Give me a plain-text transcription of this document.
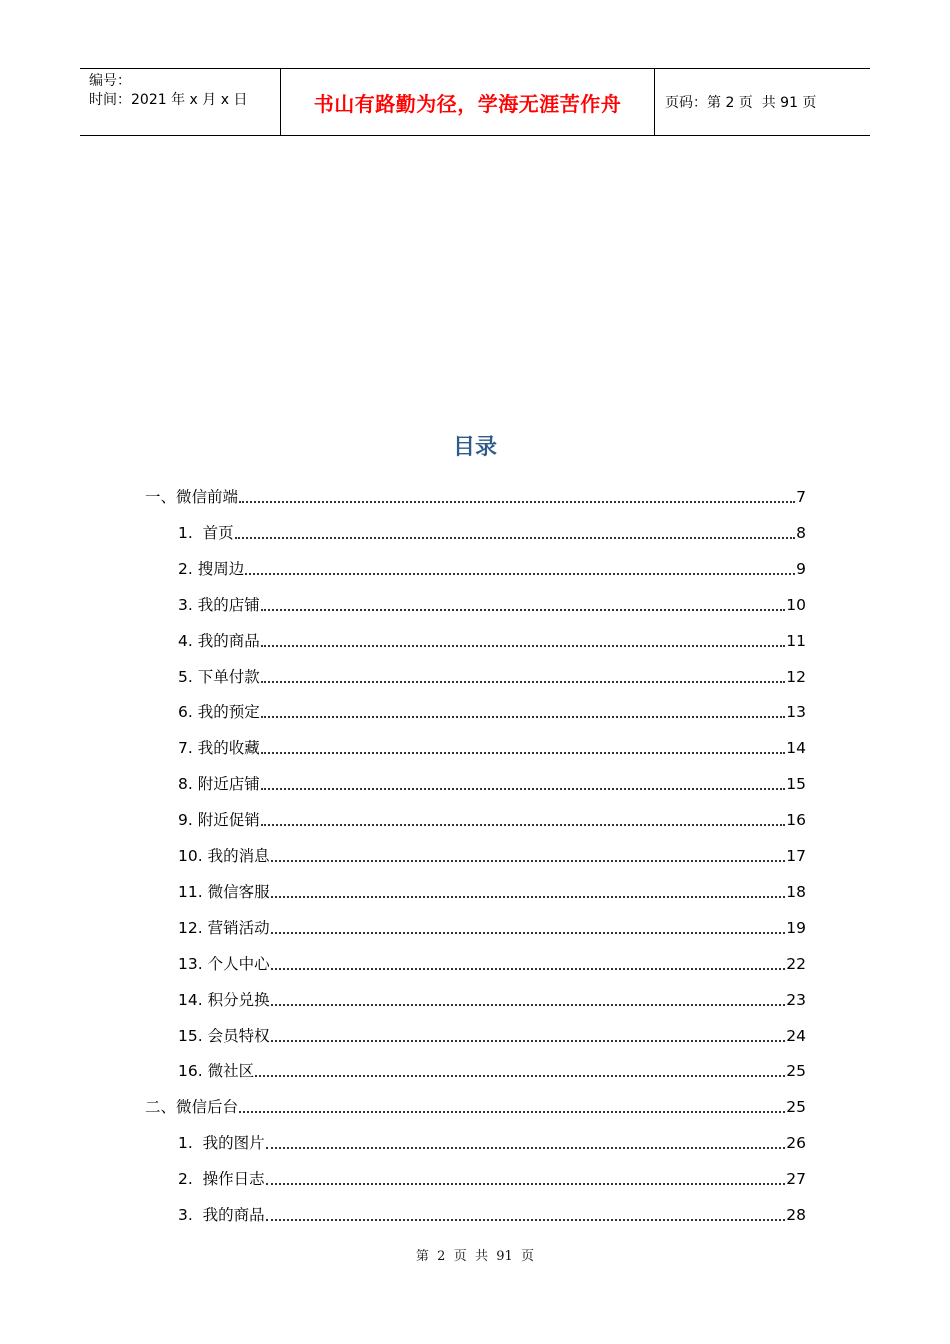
编号：
时间：2021 年 x 月 x 日	书山有路勤为径，学海无涯苦作舟	页码：第 2 页  共 91 页
目录
一、微信前端	7
1.  首页	8
2. 搜周边	9
3. 我的店铺	10
4. 我的商品	11
5. 下单付款	12
6. 我的预定	13
7. 我的收藏	14
8. 附近店铺	15
9. 附近促销	16
10. 我的消息	17
11. 微信客服	18
12. 营销活动	19
13. 个人中心	22
14. 积分兑换	23
15. 会员特权	24
16. 微社区	25
二、微信后台	25
1.  我的图片	26
2.  操作日志	27
3.  我的商品	28
第  2  页  共  91  页
